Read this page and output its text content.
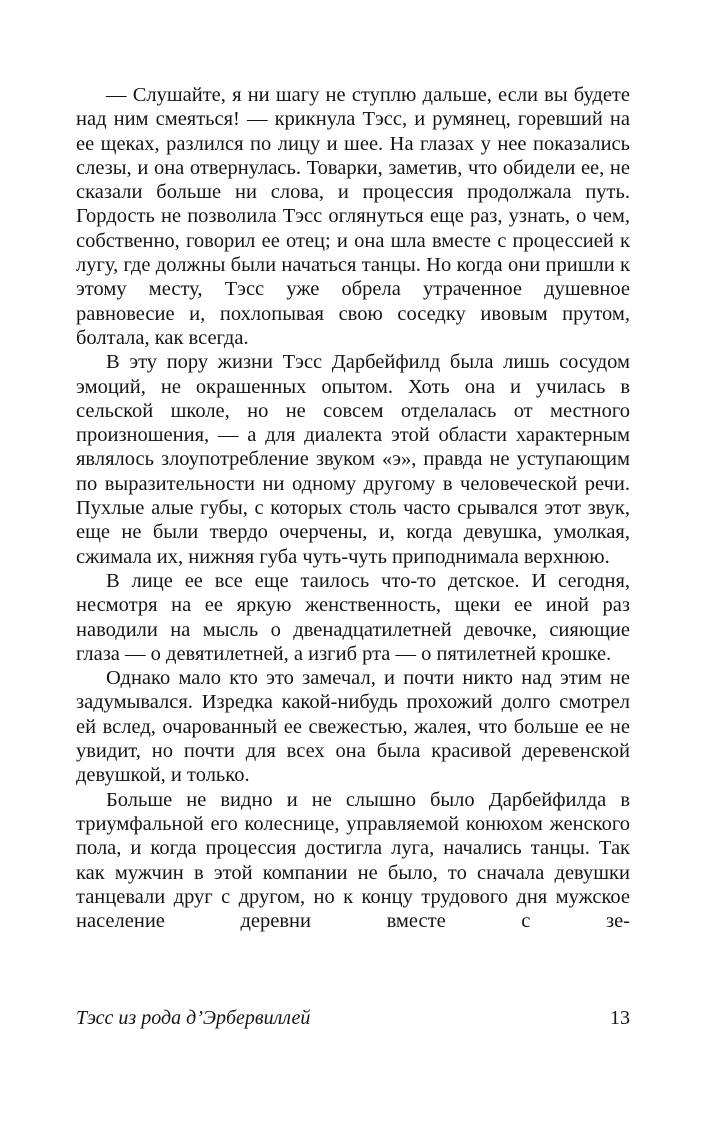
— Слушайте, я ни шагу не ступлю дальше, если вы будете над ним смеяться! — крикнула Тэсс, и румянец, горевший на ее щеках, разлился по лицу и шее. На глазах у нее показались слезы, и она отвернулась. Товарки, заметив, что обидели ее, не сказали больше ни слова, и процессия продолжала путь. Гордость не позволила Тэсс оглянуться еще раз, узнать, о чем, собственно, говорил ее отец; и она шла вместе с процессией к лугу, где должны были начаться танцы. Но когда они пришли к этому месту, Тэсс уже обрела утраченное душевное равновесие и, похлопывая свою соседку ивовым прутом, болтала, как всегда.

В эту пору жизни Тэсс Дарбейфилд была лишь сосудом эмоций, не окрашенных опытом. Хоть она и училась в сельской школе, но не совсем отделалась от местного произношения, — а для диалекта этой области характерным являлось злоупотребление звуком «э», правда не уступающим по выразительности ни одному другому в человеческой речи. Пухлые алые губы, с которых столь часто срывался этот звук, еще не были твердо очерчены, и, когда девушка, умолкая, сжимала их, нижняя губа чуть-чуть приподнимала верхнюю.

В лице ее все еще таилось что-то детское. И сегодня, несмотря на ее яркую женственность, щеки ее иной раз наводили на мысль о двенадцатилетней девочке, сияющие глаза — о девятилетней, а изгиб рта — о пятилетней крошке.

Однако мало кто это замечал, и почти никто над этим не задумывался. Изредка какой-нибудь прохожий долго смотрел ей вслед, очарованный ее свежестью, жалея, что больше ее не увидит, но почти для всех она была красивой деревенской девушкой, и только.

Больше не видно и не слышно было Дарбейфилда в триумфальной его колеснице, управляемой конюхом женского пола, и когда процессия достигла луга, начались танцы. Так как мужчин в этой компании не было, то сначала девушки танцевали друг с другом, но к концу трудового дня мужское население деревни вместе с зе-

Тэсс из рода д’Эрбервиллей	13
